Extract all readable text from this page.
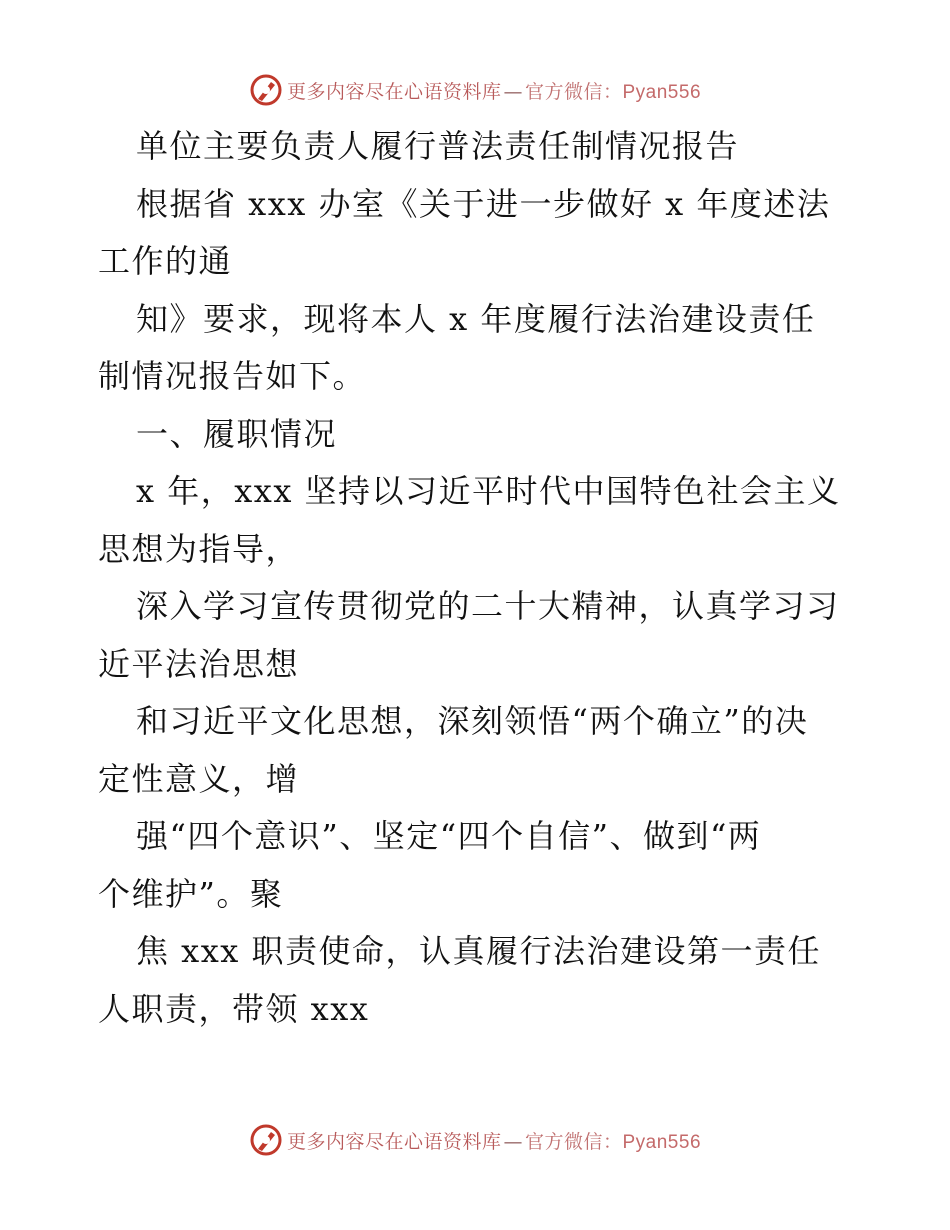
更多内容尽在心语资料库 — 官方微信：Pyan556
单位主要负责人履行普法责任制情况报告
根据省 xxx 办室《关于进一步做好 x 年度述法
工作的通
知》要求，现将本人 x 年度履行法治建设责任
制情况报告如下。
一、履职情况
x 年，xxx 坚持以习近平时代中国特色社会主义
思想为指导，
深入学习宣传贯彻党的二十大精神，认真学习习
近平法治思想
和习近平文化思想，深刻领悟“两个确立”的决
定性意义，增
强“四个意识”、坚定“四个自信”、做到“两
个维护”。聚
焦 xxx 职责使命，认真履行法治建设第一责任
人职责，带领 xxx
更多内容尽在心语资料库 — 官方微信：Pyan556
